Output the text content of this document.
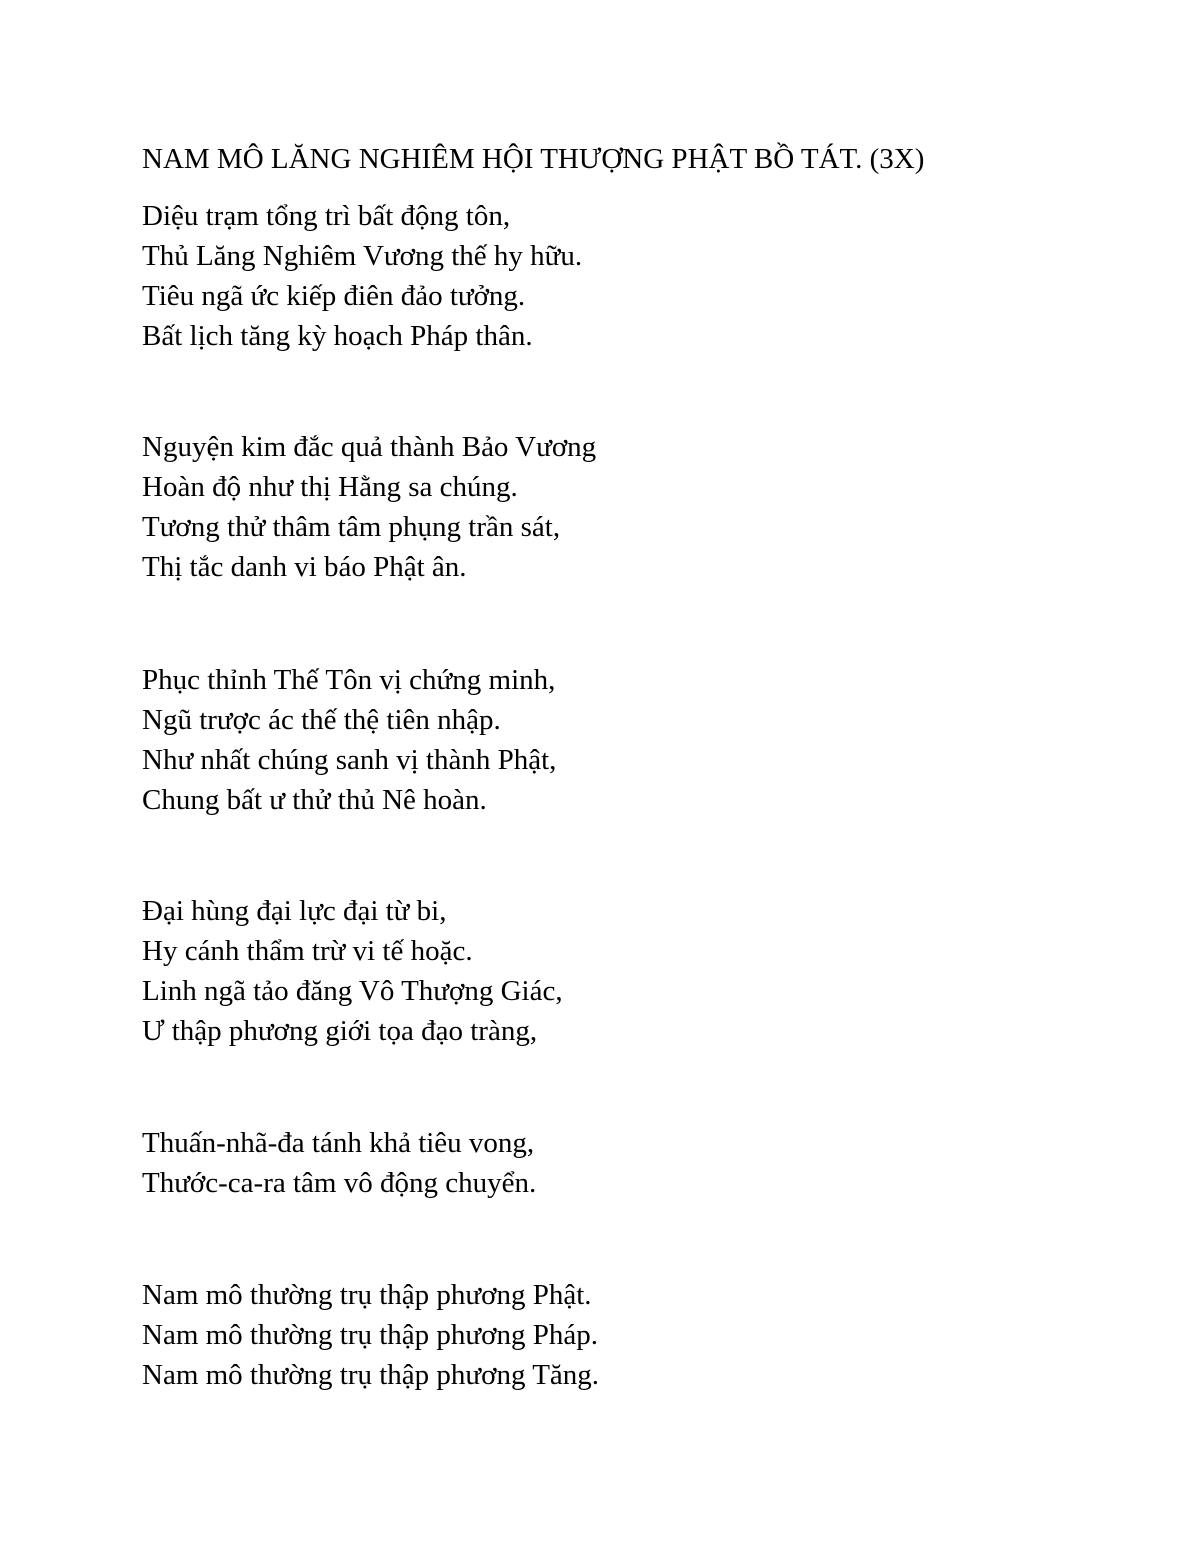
NAM MÔ LĂNG NGHIÊM HỘI THƯỢNG PHẬT BỒ TÁT. (3X)
Diệu trạm tổng trì bất động tôn,
Thủ Lăng Nghiêm Vương thế hy hữu.
Tiêu ngã ức kiếp điên đảo tưởng.
Bất lịch tăng kỳ hoạch Pháp thân.
Nguyện kim đắc quả thành Bảo Vương
Hoàn độ như thị Hằng sa chúng.
Tương thử thâm tâm phụng trần sát,
Thị tắc danh vi báo Phật ân.
Phục thỉnh Thế Tôn vị chứng minh,
Ngũ trược ác thế thệ tiên nhập.
Như nhất chúng sanh vị thành Phật,
Chung bất ư thử thủ Nê hoàn.
Đại hùng đại lực đại từ bi,
Hy cánh thẩm trừ vi tế hoặc.
Linh ngã tảo đăng Vô Thượng Giác,
Ư thập phương giới tọa đạo tràng,
Thuấn-nhã-đa tánh khả tiêu vong,
Thước-ca-ra tâm vô động chuyển.
Nam mô thường trụ thập phương Phật.
Nam mô thường trụ thập phương Pháp.
Nam mô thường trụ thập phương Tăng.
